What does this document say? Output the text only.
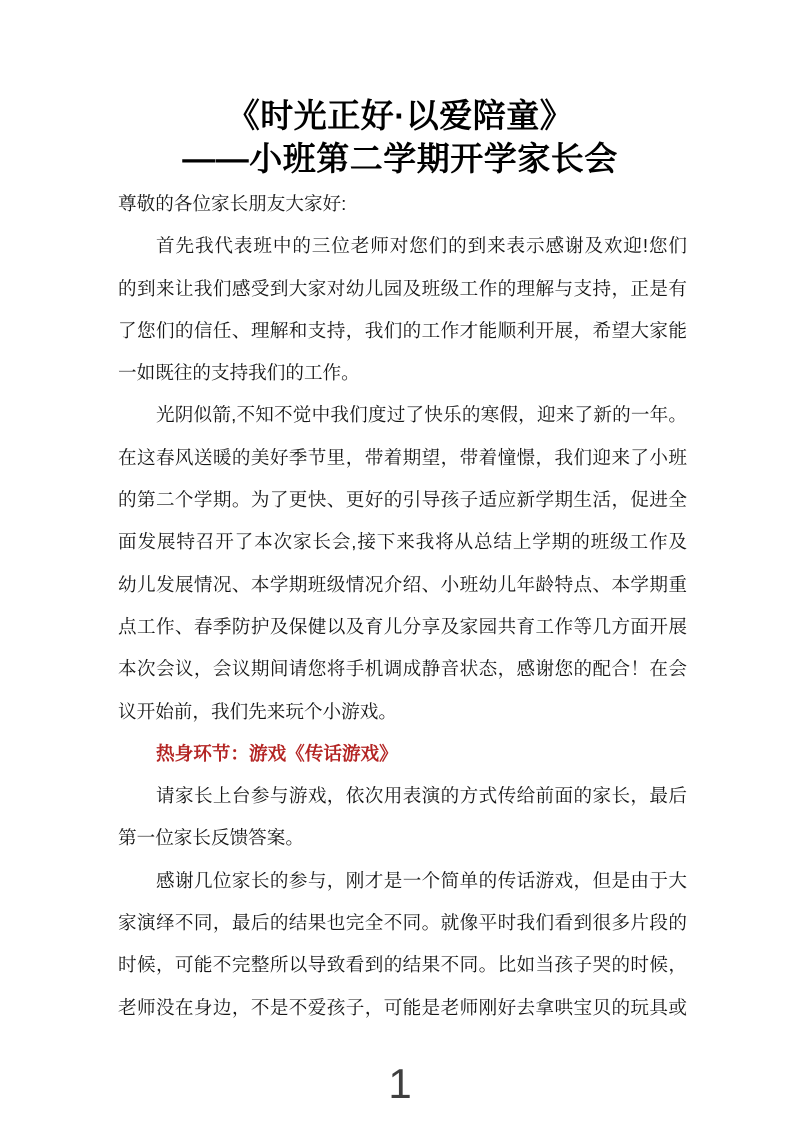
《时光正好·以爱陪童》
——小班第二学期开学家长会
尊敬的各位家长朋友大家好:
首先我代表班中的三位老师对您们的到来表示感谢及欢迎!您们
的到来让我们感受到大家对幼儿园及班级工作的理解与支持，正是有
了您们的信任、理解和支持，我们的工作才能顺利开展，希望大家能
一如既往的支持我们的工作。
光阴似箭,不知不觉中我们度过了快乐的寒假，迎来了新的一年。
在这春风送暖的美好季节里，带着期望，带着憧憬，我们迎来了小班
的第二个学期。为了更快、更好的引导孩子适应新学期生活，促进全
面发展特召开了本次家长会,接下来我将从总结上学期的班级工作及
幼儿发展情况、本学期班级情况介绍、小班幼儿年龄特点、本学期重
点工作、春季防护及保健以及育儿分享及家园共育工作等几方面开展
本次会议，会议期间请您将手机调成静音状态，感谢您的配合！在会
议开始前，我们先来玩个小游戏。
热身环节：游戏《传话游戏》
请家长上台参与游戏，依次用表演的方式传给前面的家长，最后
第一位家长反馈答案。
感谢几位家长的参与，刚才是一个简单的传话游戏，但是由于大
家演绎不同，最后的结果也完全不同。就像平时我们看到很多片段的
时候，可能不完整所以导致看到的结果不同。比如当孩子哭的时候，
老师没在身边，不是不爱孩子，可能是老师刚好去拿哄宝贝的玩具或
1
